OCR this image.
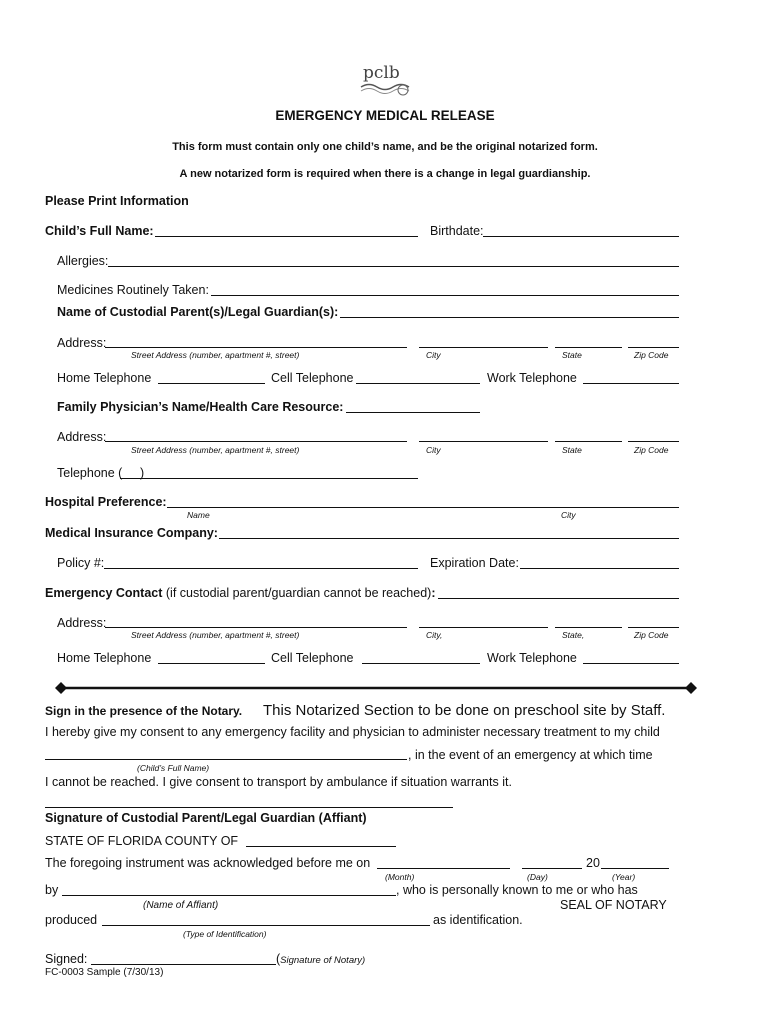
pclb
EMERGENCY MEDICAL RELEASE
This form must contain only one child’s name, and be the original notarized form.
A new notarized form is required when there is a change in legal guardianship.
Please Print Information
Child’s Full Name:	Birthdate:
Allergies:
Medicines Routinely Taken:
Name of Custodial Parent(s)/Legal Guardian(s):
Address:
Street Address (number, apartment #, street)	City	State	Zip Code
Home Telephone	Cell Telephone	Work Telephone
Family Physician’s Name/Health Care Resource:
Address:
Street Address (number, apartment #, street)	City	State	Zip Code
Telephone ( )
Hospital Preference:
Name	City
Medical Insurance Company:
Policy #:	Expiration Date:
Emergency Contact (if custodial parent/guardian cannot be reached):
Address:
Street Address (number, apartment #, street)	City,	State,	Zip Code
Home Telephone	Cell Telephone	Work Telephone
Sign in the presence of the Notary. This Notarized Section to be done on preschool site by Staff.
I hereby give my consent to any emergency facility and physician to administer necessary treatment to my child
, in the event of an emergency at which time
(Child’s Full Name)
I cannot be reached. I give consent to transport by ambulance if situation warrants it.
Signature of Custodial Parent/Legal Guardian (Affiant)
STATE OF FLORIDA COUNTY OF
The foregoing instrument was acknowledged before me on	20
(Month)	(Day)	(Year)
by	, who is personally known to me or who has
(Name of Affiant)	SEAL OF NOTARY
produced	as identification.
(Type of Identification)
Signed:	(Signature of Notary)
FC-0003 Sample (7/30/13)
